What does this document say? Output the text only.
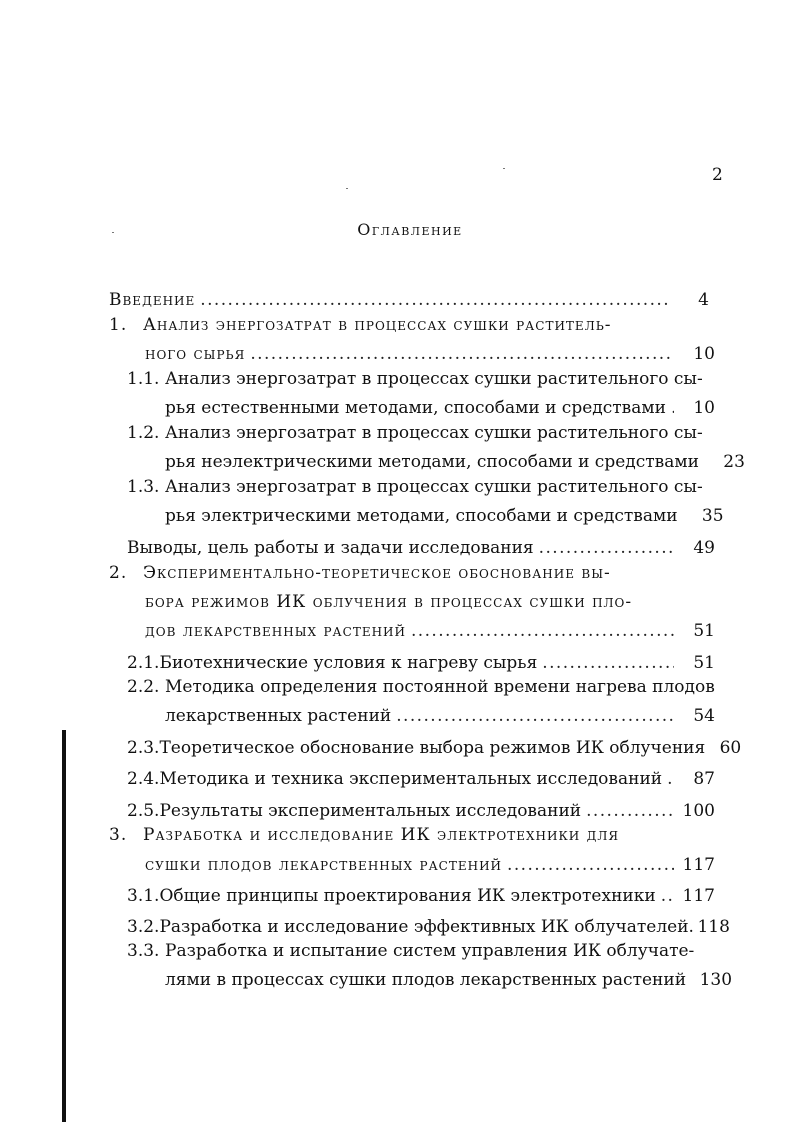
2
Оглавление
Введение . . .	4
1. Анализ энергозатрат в процессах сушки раститель-
ного сырья . . .	10
1.1. Анализ энергозатрат в процессах сушки растительного сы-
рья естественными методами, способами и средствами . . .	10
1.2. Анализ энергозатрат в процессах сушки растительного сы-
рья неэлектрическими методами, способами и средствами	23
1.3. Анализ энергозатрат в процессах сушки растительного сы-
рья электрическими методами, способами и средствами	35
Выводы, цель работы и задачи исследования . . .	49
2. Экспериментально-теоретическое обоснование вы-
бора режимов ИК облучения в процессах сушки пло-
дов лекарственных растений . . .	51
2.1. Биотехнические условия к нагреву сырья . . .	51
2.2. Методика определения постоянной времени нагрева плодов
лекарственных растений . . .	54
2.3. Теоретическое обоснование выбора режимов ИК облучения 60
2.4. Методика и техника экспериментальных исследований . . .	87
2.5. Результаты экспериментальных исследований . . .	100
3. Разработка и исследование ИК электротехники для
сушки плодов лекарственных растений . . .	117
3.1. Общие принципы проектирования ИК электротехники . . . 117
3.2. Разработка и исследование эффективных ИК облучателей. 118
3.3. Разработка и испытание систем управления ИК облучате-
лями в процессах сушки плодов лекарственных растений 130
